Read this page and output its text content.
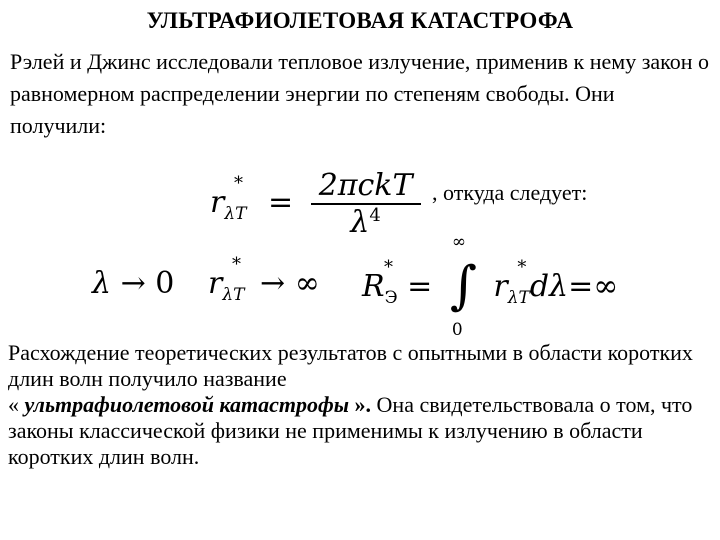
УЛЬТРАФИОЛЕТОВАЯ КАТАСТРОФА
Рэлей и Джинс исследовали тепловое излучение, применив к нему закон о равномерном распределении энергии по степеням свободы. Они получили:
r
*
$_{\lambda T} = \frac{\text{2πckT}}{\lambda^4}$ , откуда следует:
λ → 0 r
*
$_{\lambda T}$ → ∞ R
*
$_Э$ =
∞
∫
0
r
*
$_{\lambda T}$dλ=∞
Расхождение теоретических результатов с опытными в области коротких длин волн получило название
« ультрафиолетовой катастрофы ». Она свидетельствовала о том, что законы классической физики не применимы к излучению в области коротких длин волн.
